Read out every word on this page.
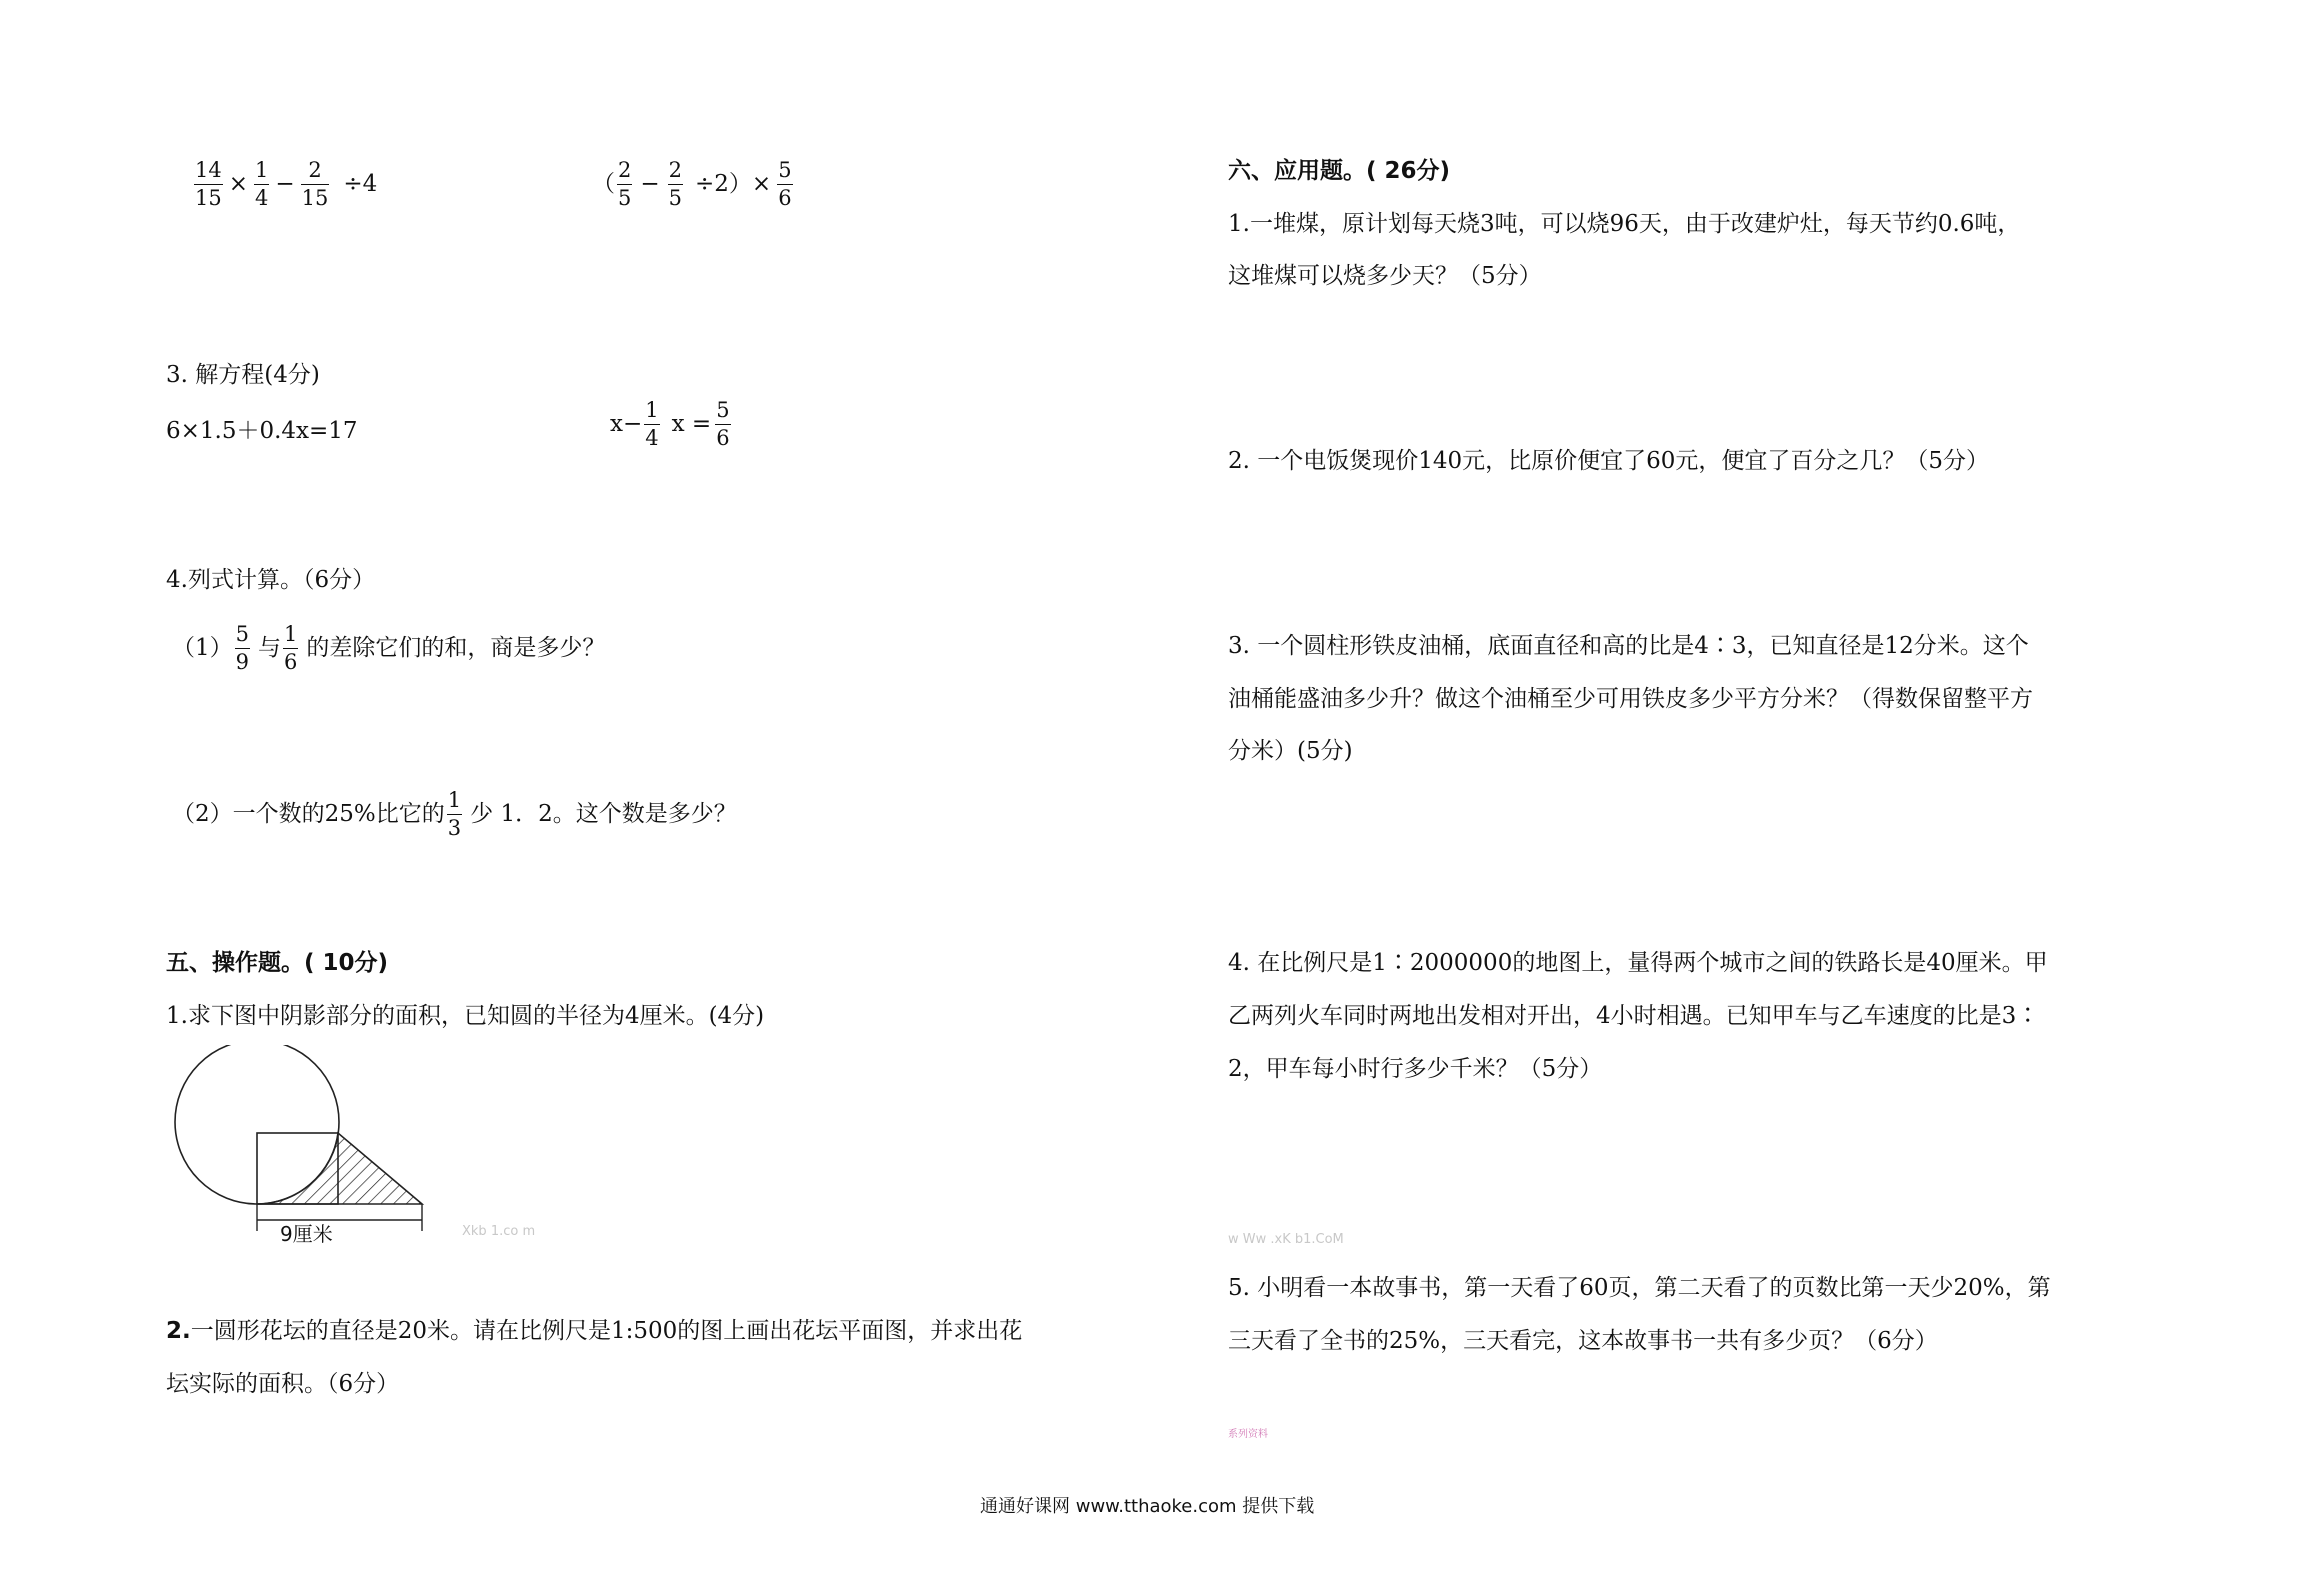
$\frac{14}{15} \times \frac{1}{4} - \frac{2}{15} \div 4$	（ $\frac{2}{5} - \frac{2}{5} \div 2)\times \frac{5}{6}$
3. 解方程(4分)
6×1.5＋0.4x=17	$x- \frac{1}{4}$ $x = \frac{5}{6}$
4.列式计算。（6分）
$(1) \frac{5}{9}$ 与 $\frac{1}{6}$ 的差除它们的和，商是多少？
（2）一个数的25%比它的 $\frac{1}{3}$ 少 1．2。这个数是多少？
五、操作题。( 10分)
1.求下图中阴影部分的面积，已知圆的半径为4厘米。(4分)
9厘米	Xkb 1.co m
2.一圆形花坛的直径是20米。请在比例尺是1:500的图上画出花坛平面图，并求出花
坛实际的面积。（6分）
六、应用题。( 26分)
1.一堆煤，原计划每天烧3吨，可以烧96天，由于改建炉灶，每天节约0.6吨，
这堆煤可以烧多少天？（5分）
2. 一个电饭煲现价140元，比原价便宜了60元，便宜了百分之几？（5分）
3. 一个圆柱形铁皮油桶，底面直径和高的比是4∶3，已知直径是12分米。这个
油桶能盛油多少升？做这个油桶至少可用铁皮多少平方分米？（得数保留整平方
分米）(5分)
4. 在比例尺是1∶2000000的地图上，量得两个城市之间的铁路长是40厘米。甲
乙两列火车同时两地出发相对开出，4小时相遇。已知甲车与乙车速度的比是3∶
2，甲车每小时行多少千米？（5分）
w Ww .xK b1.CoM
5. 小明看一本故事书，第一天看了60页，第二天看了的页数比第一天少20%，第
三天看了全书的25%，三天看完，这本故事书一共有多少页？（6分）
系列资料
通通好课网 www.tthaoke.com 提供下载
